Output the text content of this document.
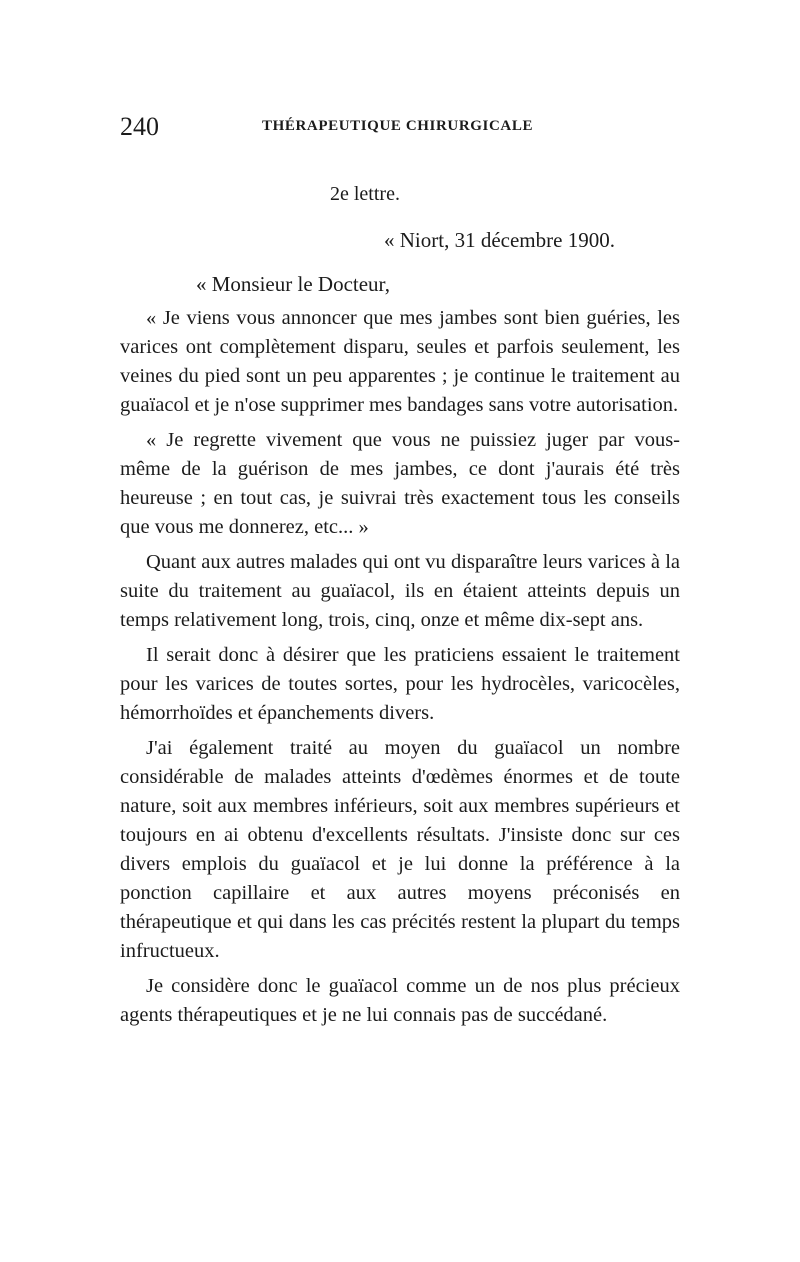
240	THÉRAPEUTIQUE CHIRURGICALE
2e lettre.
« Niort, 31 décembre 1900.
« Monsieur le Docteur,

« Je viens vous annoncer que mes jambes sont bien guéries, les varices ont complètement disparu, seules et parfois seulement, les veines du pied sont un peu apparentes ; je continue le traitement au guaïacol et je n'ose supprimer mes bandages sans votre autorisation.

« Je regrette vivement que vous ne puissiez juger par vous-même de la guérison de mes jambes, ce dont j'aurais été très heureuse ; en tout cas, je suivrai très exactement tous les conseils que vous me donnerez, etc... »

Quant aux autres malades qui ont vu disparaître leurs varices à la suite du traitement au guaïacol, ils en étaient atteints depuis un temps relativement long, trois, cinq, onze et même dix-sept ans.

Il serait donc à désirer que les praticiens essaient le traitement pour les varices de toutes sortes, pour les hydrocèles, varicocèles, hémorrhoïdes et épanchements divers.

J'ai également traité au moyen du guaïacol un nombre considérable de malades atteints d'œdèmes énormes et de toute nature, soit aux membres inférieurs, soit aux membres supérieurs et toujours en ai obtenu d'excellents résultats. J'insiste donc sur ces divers emplois du guaïacol et je lui donne la préférence à la ponction capillaire et aux autres moyens préconisés en thérapeutique et qui dans les cas précités restent la plupart du temps infructueux.

Je considère donc le guaïacol comme un de nos plus précieux agents thérapeutiques et je ne lui connais pas de succédané.
